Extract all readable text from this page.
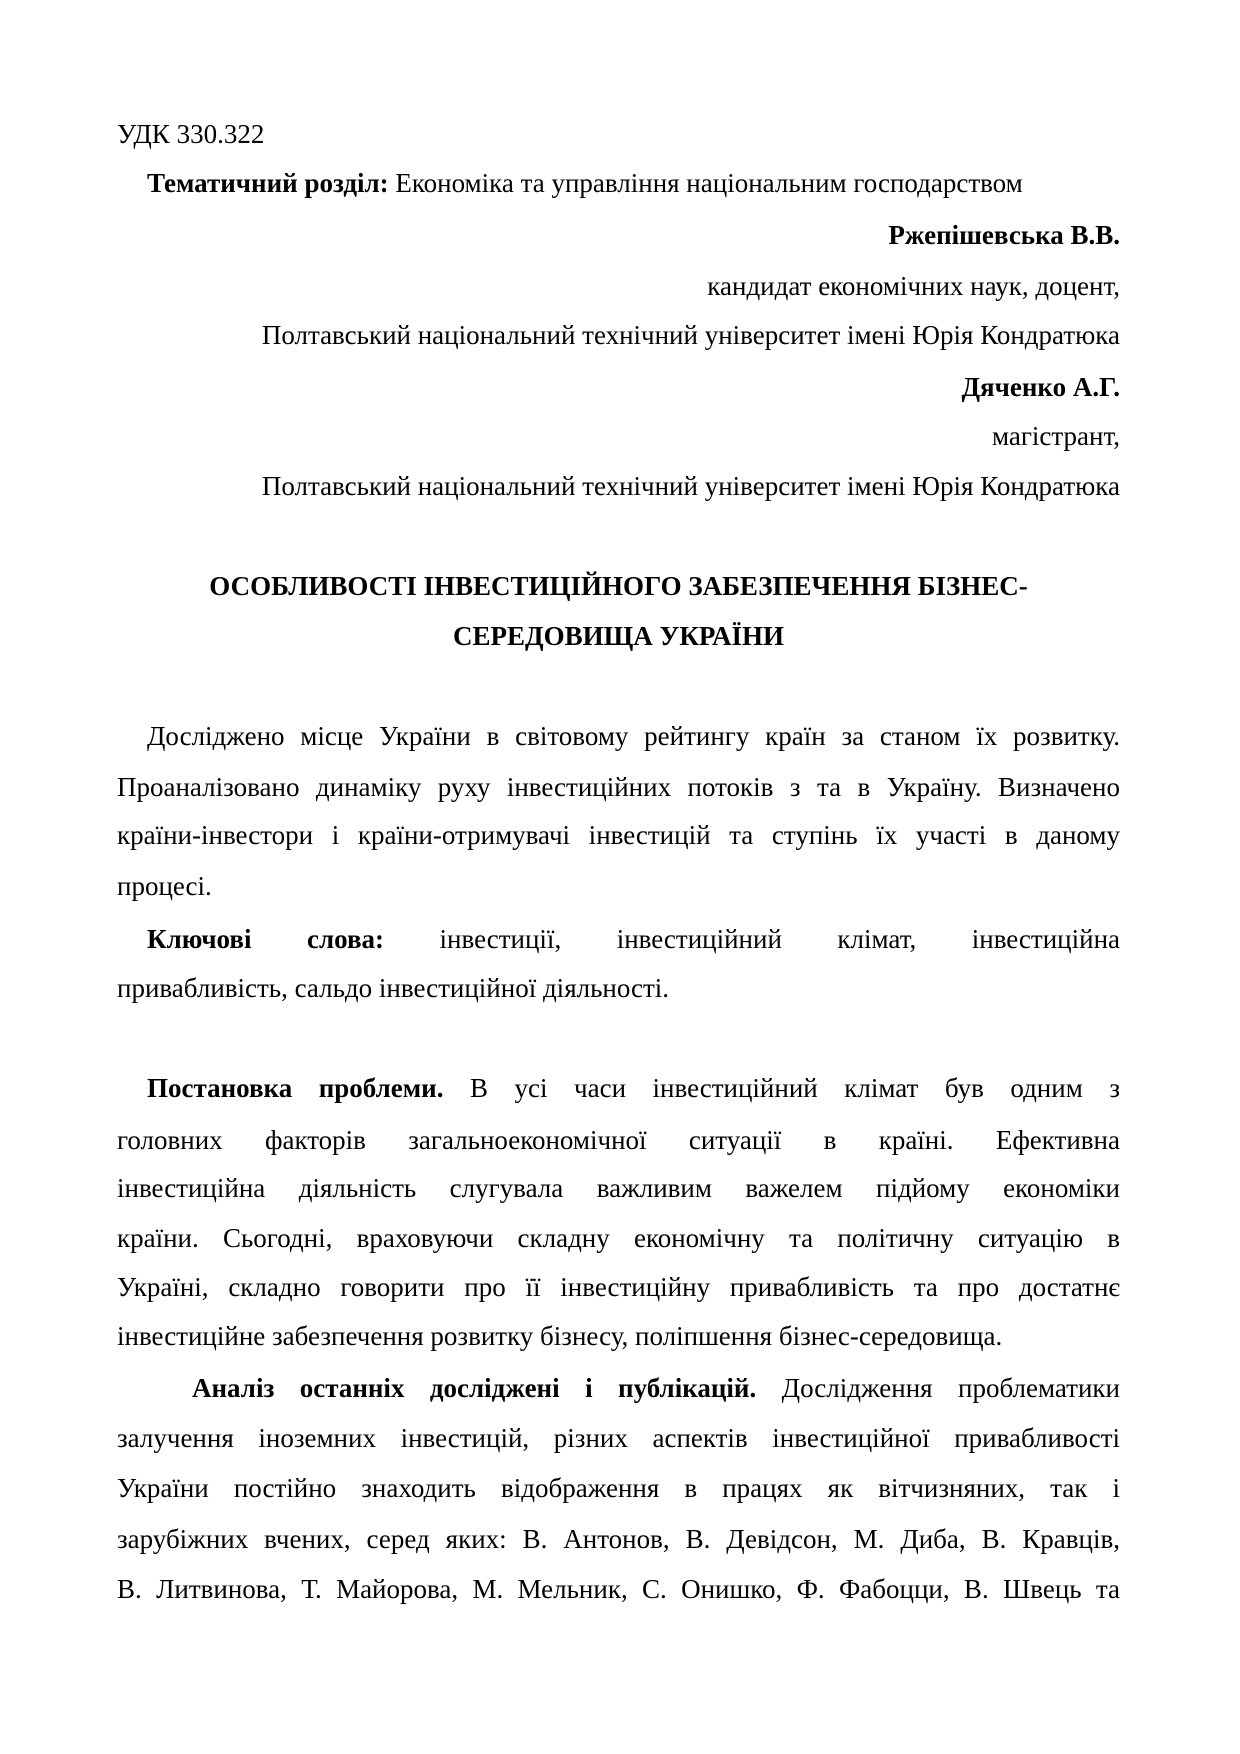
УДК 330.322
Тематичний розділ: Економіка та управління національним господарством
Ржепішевська В.В.
кандидат економічних наук, доцент,
Полтавський національний технічний університет імені Юрія Кондратюка
Дяченко А.Г.
магістрант,
Полтавський національний технічний університет імені Юрія Кондратюка
ОСОБЛИВОСТІ ІНВЕСТИЦІЙНОГО ЗАБЕЗПЕЧЕННЯ БІЗНЕС-
СЕРЕДОВИЩА УКРАЇНИ
Досліджено місце України в світовому рейтингу країн за станом їх розвитку.
Проаналізовано динаміку руху інвестиційних потоків з та в Україну. Визначено
країни-інвестори і країни-отримувачі інвестицій та ступінь їх участі в даному
процесі.
Ключові слова: інвестиції, інвестиційний клімат, інвестиційна
привабливість, сальдо інвестиційної діяльності.
Постановка проблеми. В усі часи інвестиційний клімат був одним з
головних факторів загальноекономічної ситуації в країні. Ефективна
інвестиційна діяльність слугувала важливим важелем підйому економіки
країни. Сьогодні, враховуючи складну економічну та політичну ситуацію в
Україні, складно говорити про її інвестиційну привабливість та про достатнє
інвестиційне забезпечення розвитку бізнесу, поліпшення бізнес-середовища.
Аналіз останніх досліджені і публікацій. Дослідження проблематики
залучення іноземних інвестицій, різних аспектів інвестиційної привабливості
України постійно знаходить відображення в працях як вітчизняних, так і
зарубіжних вчених, серед яких: В. Антонов, В. Девідсон, М. Диба, В. Кравців,
В. Литвинова, Т. Майорова, М. Мельник, С. Онишко, Ф. Фабоцци, В. Швець та
